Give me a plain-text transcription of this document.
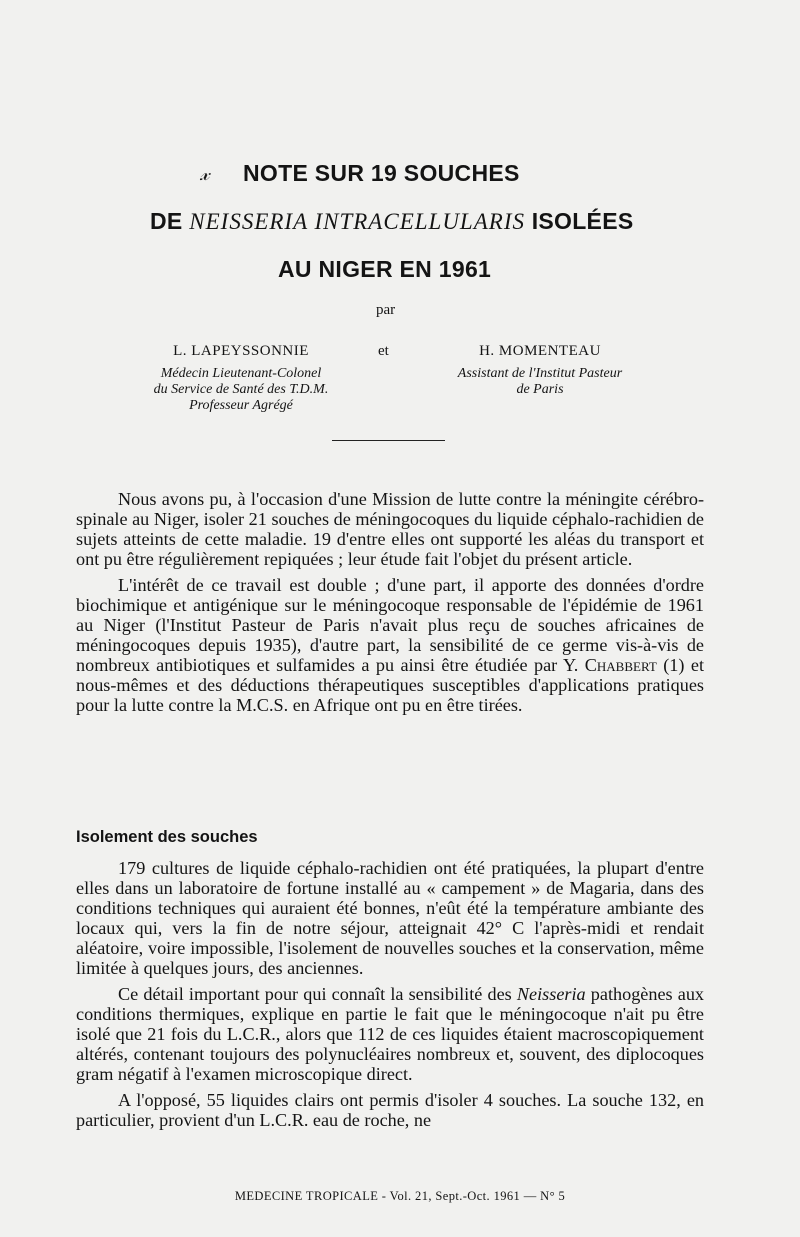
𝓍 NOTE SUR 19 SOUCHES
DE NEISSERIA INTRACELLULARIS ISOLÉES
AU NIGER EN 1961
par
L. LAPEYSSONNIE
Médecin Lieutenant-Colonel
du Service de Santé des T.D.M.
Professeur Agrégé
et	H. MOMENTEAU
Assistant de l'Institut Pasteur
de Paris

Nous avons pu, à l'occasion d'une Mission de lutte contre la méningite cérébro-spinale au Niger, isoler 21 souches de méningocoques du liquide céphalo-rachidien de sujets atteints de cette maladie. 19 d'entre elles ont supporté les aléas du transport et ont pu être régulièrement repiquées ; leur étude fait l'objet du présent article.

L'intérêt de ce travail est double ; d'une part, il apporte des données d'ordre biochimique et antigénique sur le méningocoque responsable de l'épidémie de 1961 au Niger (l'Institut Pasteur de Paris n'avait plus reçu de souches africaines de méningocoques depuis 1935), d'autre part, la sensibilité de ce germe vis-à-vis de nombreux antibiotiques et sulfamides a pu ainsi être étudiée par Y. Chabbert (1) et nous-mêmes et des déductions thérapeutiques susceptibles d'applications pratiques pour la lutte contre la M.C.S. en Afrique ont pu en être tirées.

Isolement des souches

179 cultures de liquide céphalo-rachidien ont été pratiquées, la plupart d'entre elles dans un laboratoire de fortune installé au « campement » de Magaria, dans des conditions techniques qui auraient été bonnes, n'eût été la température ambiante des locaux qui, vers la fin de notre séjour, atteignait 42° C l'après-midi et rendait aléatoire, voire impossible, l'isolement de nouvelles souches et la conservation, même limitée à quelques jours, des anciennes.

Ce détail important pour qui connaît la sensibilité des Neisseria pathogènes aux conditions thermiques, explique en partie le fait que le méningocoque n'ait pu être isolé que 21 fois du L.C.R., alors que 112 de ces liquides étaient macroscopiquement altérés, contenant toujours des polynucléaires nombreux et, souvent, des diplocoques gram négatif à l'examen microscopique direct.

A l'opposé, 55 liquides clairs ont permis d'isoler 4 souches. La souche 132, en particulier, provient d'un L.C.R. eau de roche, ne

MEDECINE TROPICALE - Vol. 21, Sept.-Oct. 1961 — N° 5
